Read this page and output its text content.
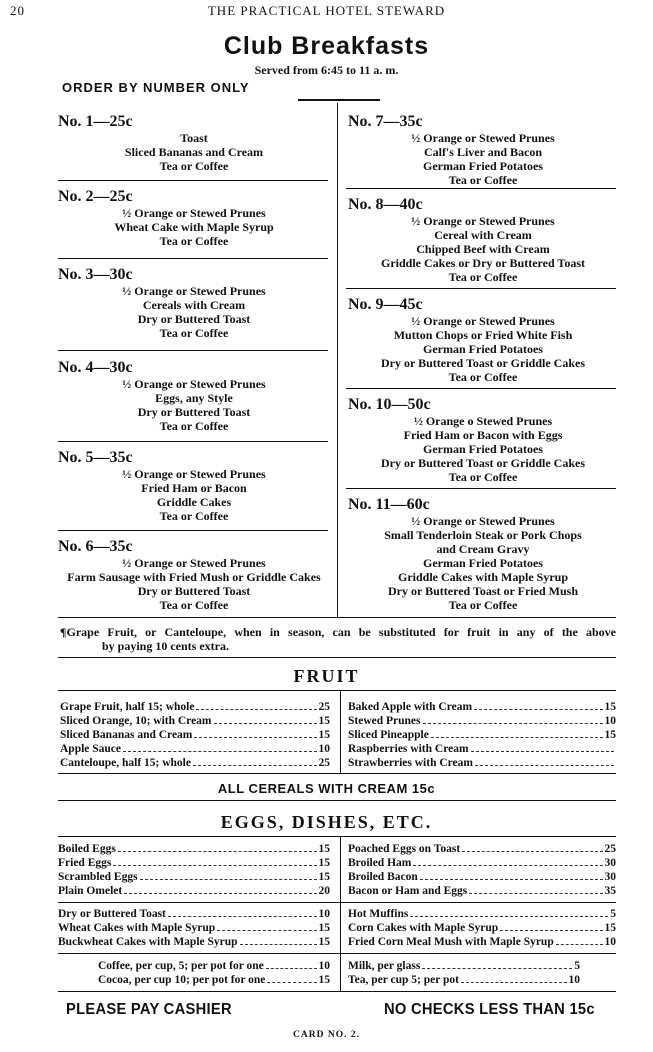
20	THE PRACTICAL HOTEL STEWARD
Club Breakfasts
Served from 6:45 to 11 a. m.
ORDER BY NUMBER ONLY
No. 1—25c
Toast
Sliced Bananas and Cream
Tea or Coffee
No. 2—25c
½ Orange or Stewed Prunes
Wheat Cake with Maple Syrup
Tea or Coffee
No. 3—30c
½ Orange or Stewed Prunes
Cereals with Cream
Dry or Buttered Toast
Tea or Coffee
No. 4—30c
½ Orange or Stewed Prunes
Eggs, any Style
Dry or Buttered Toast
Tea or Coffee
No. 5—35c
½ Orange or Stewed Prunes
Fried Ham or Bacon
Griddle Cakes
Tea or Coffee
No. 6—35c
½ Orange or Stewed Prunes
Farm Sausage with Fried Mush or Griddle Cakes
Dry or Buttered Toast
Tea or Coffee
No. 7—35c
½ Orange or Stewed Prunes
Calf's Liver and Bacon
German Fried Potatoes
Tea or Coffee
No. 8—40c
½ Orange or Stewed Prunes
Cereal with Cream
Chipped Beef with Cream
Griddle Cakes or Dry or Buttered Toast
Tea or Coffee
No. 9—45c
½ Orange or Stewed Prunes
Mutton Chops or Fried White Fish
German Fried Potatoes
Dry or Buttered Toast or Griddle Cakes
Tea or Coffee
No. 10—50c
½ Orange o Stewed Prunes
Fried Ham or Bacon with Eggs
German Fried Potatoes
Dry or Buttered Toast or Griddle Cakes
Tea or Coffee
No. 11—60c
½ Orange or Stewed Prunes
Small Tenderloin Steak or Pork Chops
and Cream Gravy
German Fried Potatoes
Griddle Cakes with Maple Syrup
Dry or Buttered Toast or Fried Mush
Tea or Coffee
¶Grape Fruit, or Canteloupe, when in season, can be substituted for fruit in any of the above
by paying 10 cents extra.
FRUIT
Grape Fruit, half 15; whole	25
Sliced Orange, 10; with Cream	15
Sliced Bananas and Cream	15
Apple Sauce	10
Canteloupe, half 15; whole	25
Baked Apple with Cream	15
Stewed Prunes	10
Sliced Pineapple	15
Raspberries with Cream
Strawberries with Cream
ALL CEREALS WITH CREAM 15c
EGGS, DISHES, ETC.
Boiled Eggs	15
Fried Eggs	15
Scrambled Eggs	15
Plain Omelet	20
Poached Eggs on Toast	25
Broiled Ham	30
Broiled Bacon	30
Bacon or Ham and Eggs	35
Dry or Buttered Toast	10
Wheat Cakes with Maple Syrup	15
Buckwheat Cakes with Maple Syrup	15
Hot Muffins	5
Corn Cakes with Maple Syrup	15
Fried Corn Meal Mush with Maple Syrup	10
Coffee, per cup, 5; per pot for one	10
Cocoa, per cup 10; per pot for one	15
Milk, per glass	5
Tea, per cup 5; per pot	10
PLEASE PAY CASHIER	NO CHECKS LESS THAN 15c
CARD NO. 2.
